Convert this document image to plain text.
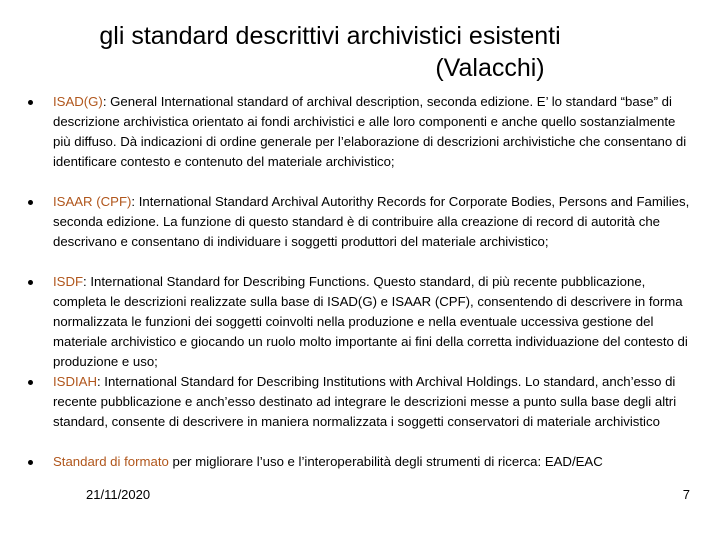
gli standard descrittivi archivistici esistenti
(Valacchi)
ISAD(G): General International standard of archival description, seconda edizione. E’ lo standard “base” di descrizione archivistica orientato ai fondi archivistici e alle loro componenti e anche quello sostanzialmente più diffuso. Dà indicazioni di ordine generale per l’elaborazione di descrizioni archivistiche che consentano di identificare contesto e contenuto del materiale archivistico;
ISAAR (CPF): International Standard Archival Autorithy Records for Corporate Bodies, Persons and Families, seconda edizione. La funzione di questo standard è di contribuire alla creazione di record di autorità che descrivano e consentano di individuare i soggetti produttori del materiale archivistico;
ISDF: International Standard for Describing Functions. Questo standard, di più recente pubblicazione, completa le descrizioni realizzate sulla base di ISAD(G) e ISAAR (CPF), consentendo di descrivere in forma normalizzata le funzioni dei soggetti coinvolti nella produzione e nella eventuale uccessiva gestione del materiale archivistico e giocando un ruolo molto importante ai fini della corretta individuazione del contesto di produzione e uso;
ISDIAH: International Standard for Describing Institutions with Archival Holdings. Lo standard, anch’esso di recente pubblicazione e anch’esso destinato ad integrare le descrizioni messe a punto sulla base degli altri standard, consente di descrivere in maniera normalizzata i soggetti conservatori di materiale archivistico
Standard di formato per migliorare l’uso e l’interoperabilità degli strumenti di ricerca: EAD/EAC
21/11/2020	7
